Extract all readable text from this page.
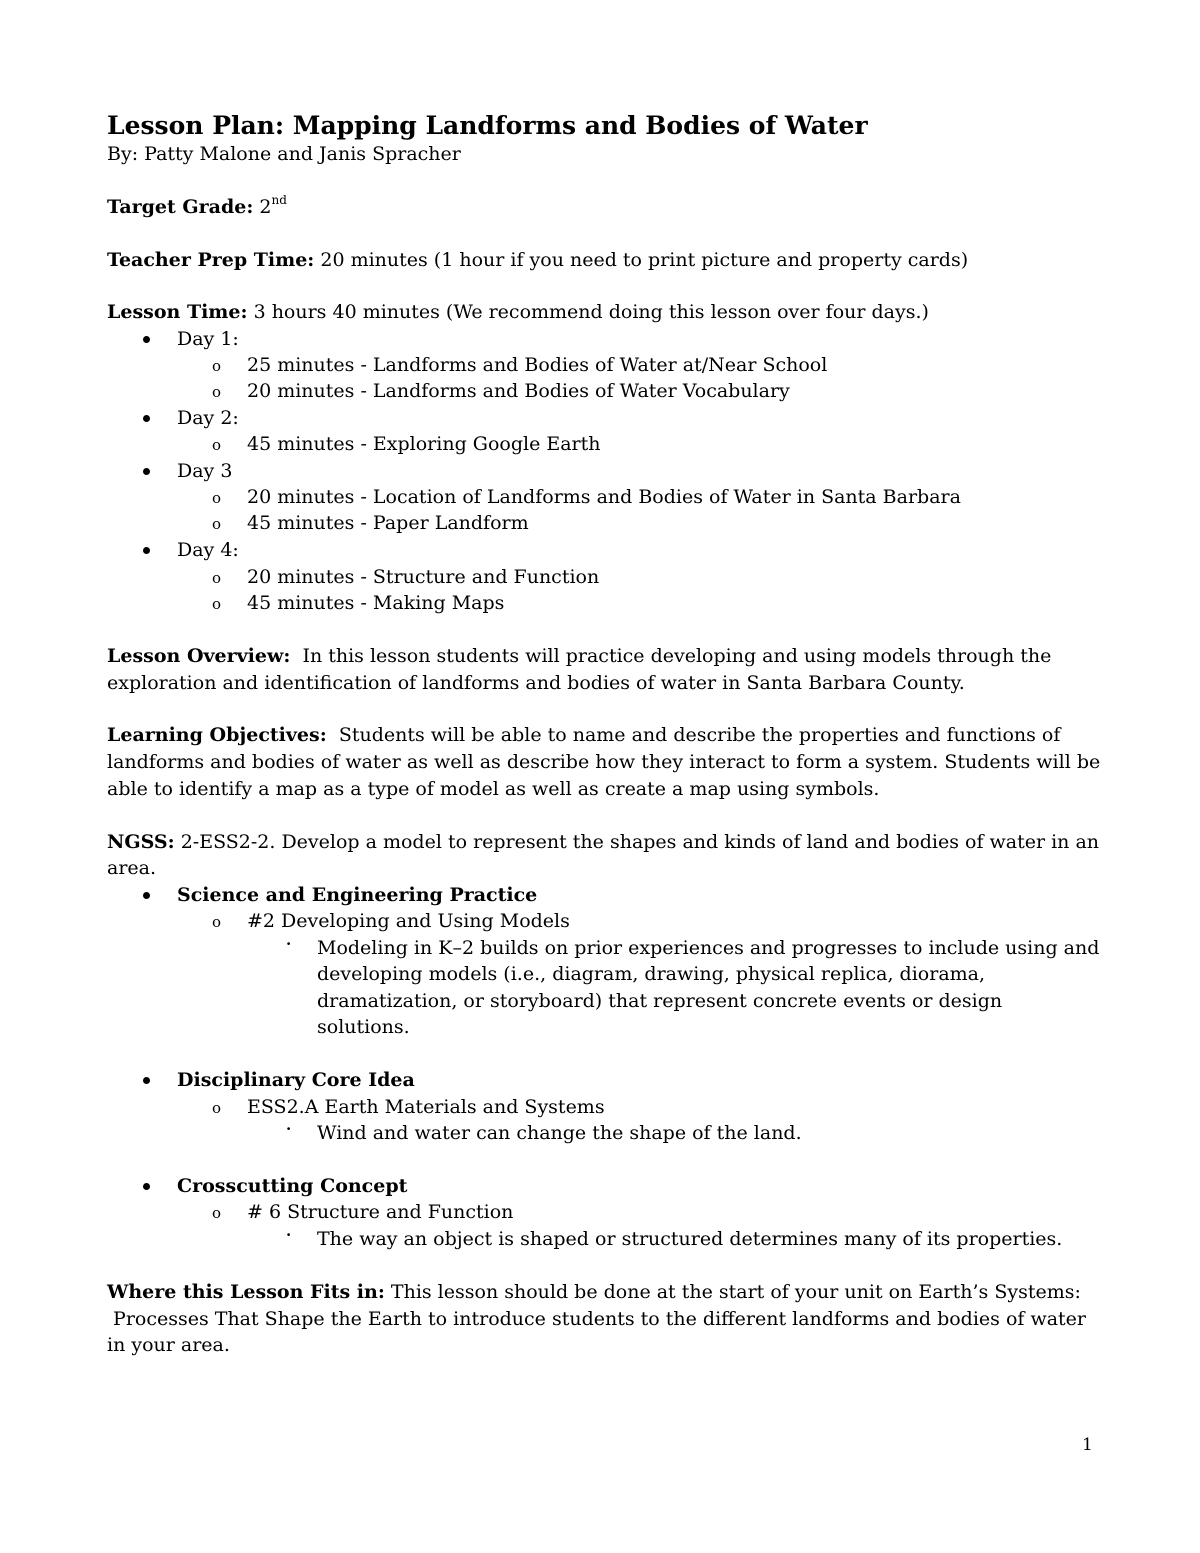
Lesson Plan: Mapping Landforms and Bodies of Water
By: Patty Malone and Janis Spracher
Target Grade: 2nd
Teacher Prep Time: 20 minutes (1 hour if you need to print picture and property cards)
Lesson Time: 3 hours 40 minutes (We recommend doing this lesson over four days.)
Day 1:
o 25 minutes - Landforms and Bodies of Water at/Near School
o 20 minutes - Landforms and Bodies of Water Vocabulary
Day 2:
o 45 minutes - Exploring Google Earth
Day 3
o 20 minutes - Location of Landforms and Bodies of Water in Santa Barbara
o 45 minutes - Paper Landform
Day 4:
o 20 minutes - Structure and Function
o 45 minutes - Making Maps
Lesson Overview: In this lesson students will practice developing and using models through the
exploration and identification of landforms and bodies of water in Santa Barbara County.
Learning Objectives: Students will be able to name and describe the properties and functions of
landforms and bodies of water as well as describe how they interact to form a system. Students will be
able to identify a map as a type of model as well as create a map using symbols.
NGSS: 2-ESS2-2. Develop a model to represent the shapes and kinds of land and bodies of water in an
area.
Science and Engineering Practice
o #2 Developing and Using Models
· Modeling in K–2 builds on prior experiences and progresses to include using and
developing models (i.e., diagram, drawing, physical replica, diorama,
dramatization, or storyboard) that represent concrete events or design
solutions.
Disciplinary Core Idea
o ESS2.A Earth Materials and Systems
· Wind and water can change the shape of the land.
Crosscutting Concept
o # 6 Structure and Function
· The way an object is shaped or structured determines many of its properties.
Where this Lesson Fits in: This lesson should be done at the start of your unit on Earth’s Systems:
Processes That Shape the Earth to introduce students to the different landforms and bodies of water
in your area.
1
